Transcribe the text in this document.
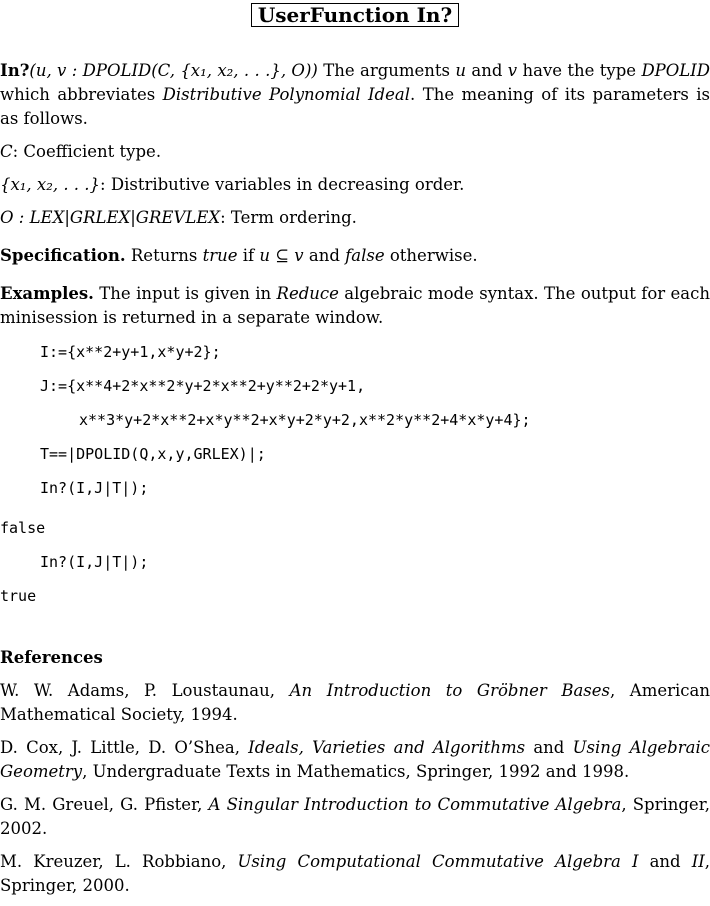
UserFunction In?

In?(u, v : DPOLID(C, {x₁, x₂, . . .}, O)) The arguments u and v have the type DPOLID which abbreviates Distributive Polynomial Ideal. The meaning of its parameters is as follows.

C: Coefficient type.

{x₁, x₂, . . .}: Distributive variables in decreasing order.

O : LEX|GRLEX|GREVLEX: Term ordering.

Specification. Returns true if u ⊆ v and false otherwise.

Examples. The input is given in Reduce algebraic mode syntax. The output for each minisession is returned in a separate window.

I:={x**2+y+1,x*y+2};

J:={x**4+2*x**2*y+2*x**2+y**2+2*y+1,

x**3*y+2*x**2+x*y**2+x*y+2*y+2,x**2*y**2+4*x*y+4};

T==|DPOLID(Q,x,y,GRLEX)|;

In?(I,J|T|);

false

In?(I,J|T|);

true

References

W. W. Adams, P. Loustaunau, An Introduction to Gröbner Bases, American Mathematical Society, 1994.

D. Cox, J. Little, D. O’Shea, Ideals, Varieties and Algorithms and Using Algebraic Geometry, Undergraduate Texts in Mathematics, Springer, 1992 and 1998.

G. M. Greuel, G. Pfister, A Singular Introduction to Commutative Algebra, Springer, 2002.

M. Kreuzer, L. Robbiano, Using Computational Commutative Algebra I and II, Springer, 2000.
